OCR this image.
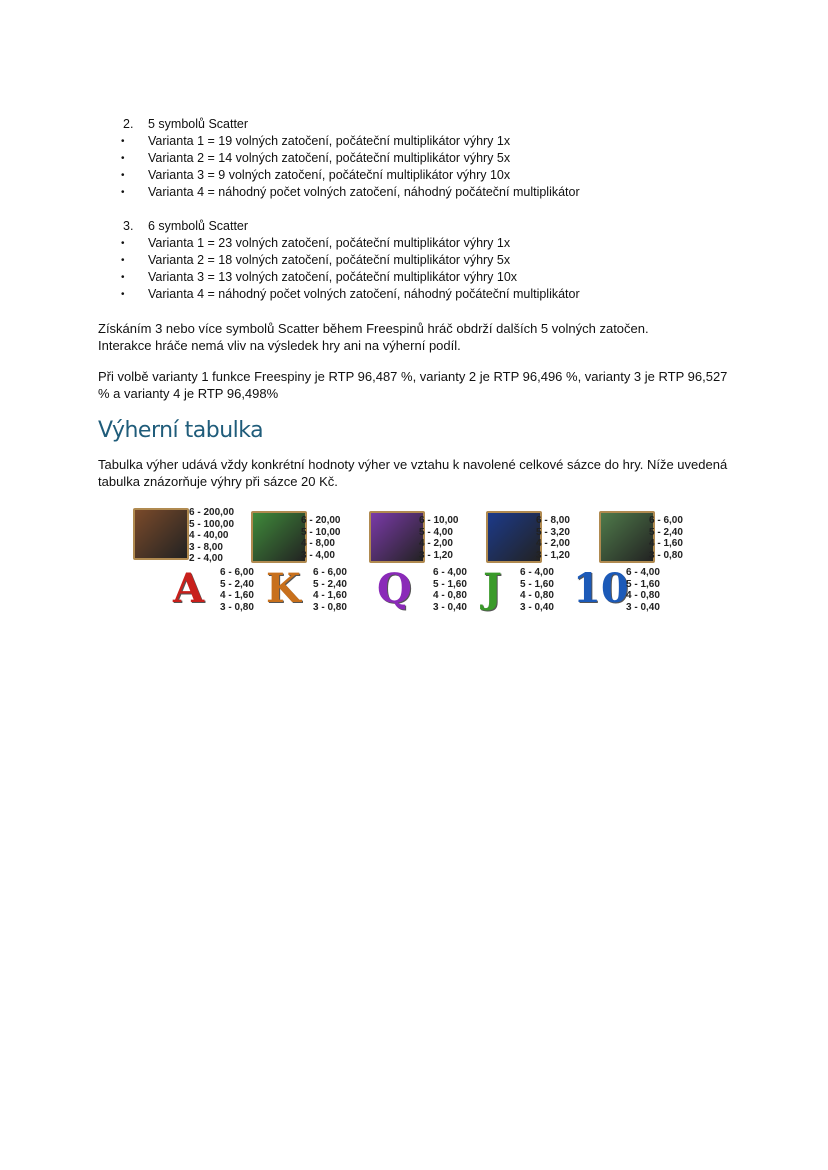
2. 5 symbolů Scatter
• Varianta 1 = 19 volných zatočení, počáteční multiplikátor výhry 1x
• Varianta 2 = 14 volných zatočení, počáteční multiplikátor výhry 5x
• Varianta 3 = 9 volných zatočení, počáteční multiplikátor výhry 10x
• Varianta 4 = náhodný počet volných zatočení, náhodný počáteční multiplikátor
3. 6 symbolů Scatter
• Varianta 1 = 23 volných zatočení, počáteční multiplikátor výhry 1x
• Varianta 2 = 18 volných zatočení, počáteční multiplikátor výhry 5x
• Varianta 3 = 13 volných zatočení, počáteční multiplikátor výhry 10x
• Varianta 4 = náhodný počet volných zatočení, náhodný počáteční multiplikátor
Získáním 3 nebo více symbolů Scatter během Freespinů hráč obdrží dalších 5 volných zatočen.
Interakce hráče nemá vliv na výsledek hry ani na výherní podíl.
Při volbě varianty 1 funkce Freespiny je RTP 96,487 %, varianty 2 je RTP 96,496 %, varianty 3 je RTP 96,527 % a varianty 4 je RTP 96,498%
Výherní tabulka
Tabulka výher udává vždy konkrétní hodnoty výher ve vztahu k navolené celkové sázce do hry. Níže uvedená tabulka znázorňuje výhry při sázce 20 Kč.
6 - 200,00
5 - 100,00
4 - 40,00
3 - 8,00
2 - 4,00
6 - 20,00
5 - 10,00
4 - 8,00
3 - 4,00
6 - 10,00
5 - 4,00
4 - 2,00
3 - 1,20
6 - 8,00
5 - 3,20
4 - 2,00
3 - 1,20
6 - 6,00
5 - 2,40
4 - 1,60
3 - 0,80
A 6 - 6,00
5 - 2,40
4 - 1,60
3 - 0,80 K 6 - 6,00
5 - 2,40
4 - 1,60
3 - 0,80 Q 6 - 4,00
5 - 1,60
4 - 0,80
3 - 0,40 J 6 - 4,00
5 - 1,60
4 - 0,80
3 - 0,40 10
6 - 4,00
5 - 1,60
4 - 0,80
3 - 0,40
